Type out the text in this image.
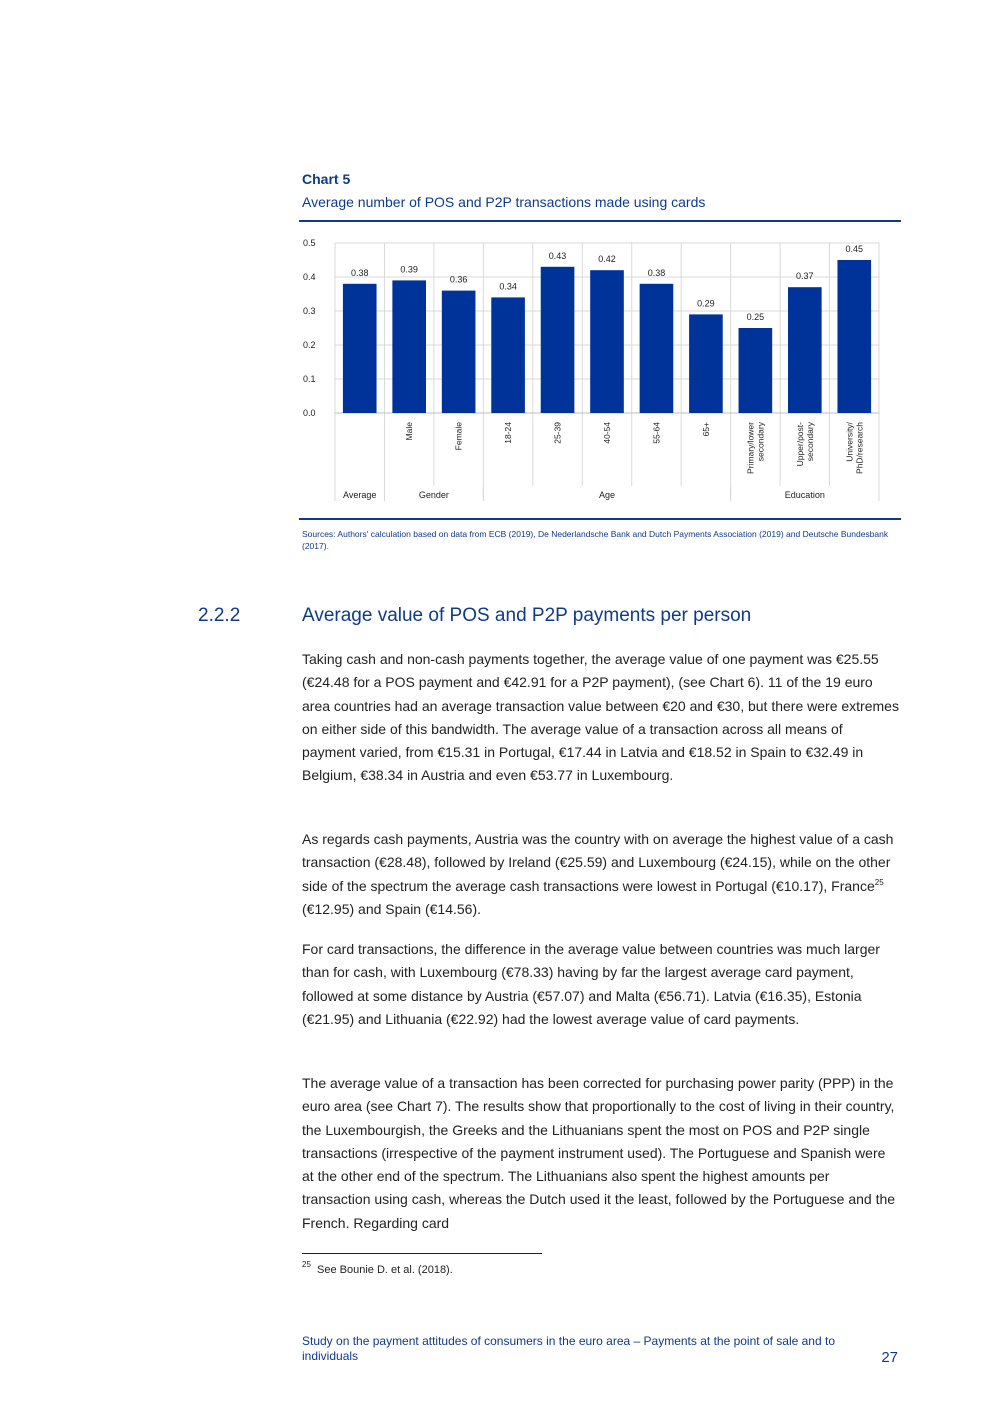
Chart 5
Average number of POS and P2P transactions made using cards
0.0
0.1
0.2
0.3
0.4
0.5
0.38	0.39
Male
0.36
Female
0.34
18-24
0.43
25-39
0.42
40-54
0.38
55-64
0.29
65+
0.25
Primary/lower secondary
0.37
Upper/post- secondary
0.45
University/ PhD/research
Average	Gender	Age	Education
Sources: Authors' calculation based on data from ECB (2019), De Nederlandsche Bank and Dutch Payments Association (2019) and Deutsche Bundesbank (2017).
2.2.2	Average value of POS and P2P payments per person
Taking cash and non-cash payments together, the average value of one payment was €25.55 (€24.48 for a POS payment and €42.91 for a P2P payment), (see Chart 6). 11 of the 19 euro area countries had an average transaction value between €20 and €30, but there were extremes on either side of this bandwidth. The average value of a transaction across all means of payment varied, from €15.31 in Portugal, €17.44 in Latvia and €18.52 in Spain to €32.49 in Belgium, €38.34 in Austria and even €53.77 in Luxembourg.
As regards cash payments, Austria was the country with on average the highest value of a cash transaction (€28.48), followed by Ireland (€25.59) and Luxembourg (€24.15), while on the other side of the spectrum the average cash transactions were lowest in Portugal (€10.17), France$^{25}$ (€12.95) and Spain (€14.56).
For card transactions, the difference in the average value between countries was much larger than for cash, with Luxembourg (€78.33) having by far the largest average card payment, followed at some distance by Austria (€57.07) and Malta (€56.71). Latvia (€16.35), Estonia (€21.95) and Lithuania (€22.92) had the lowest average value of card payments.
The average value of a transaction has been corrected for purchasing power parity (PPP) in the euro area (see Chart 7). The results show that proportionally to the cost of living in their country, the Luxembourgish, the Greeks and the Lithuanians spent the most on POS and P2P single transactions (irrespective of the payment instrument used). The Portuguese and Spanish were at the other end of the spectrum. The Lithuanians also spent the highest amounts per transaction using cash, whereas the Dutch used it the least, followed by the Portuguese and the French. Regarding card
$^{25}$ See Bounie D. et al. (2018).
Study on the payment attitudes of consumers in the euro area – Payments at the point of sale and to individuals	27
